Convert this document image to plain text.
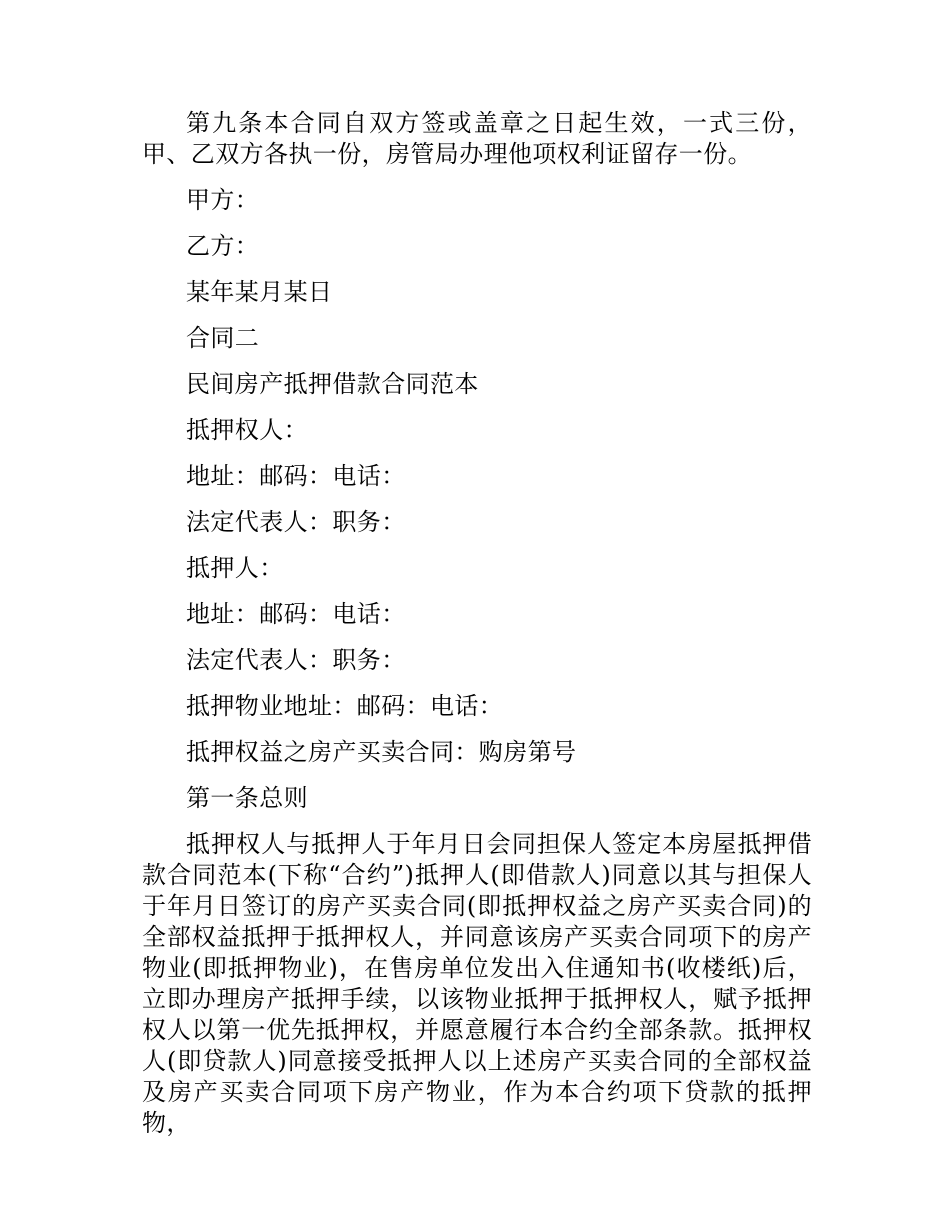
第九条本合同自双方签或盖章之日起生效，一式三份，甲、乙双方各执一份，房管局办理他项权利证留存一份。

甲方：

乙方：

某年某月某日

合同二

民间房产抵押借款合同范本

抵押权人：

地址：邮码：电话：

法定代表人：职务：

抵押人：

地址：邮码：电话：

法定代表人：职务：

抵押物业地址：邮码：电话：

抵押权益之房产买卖合同：购房第号

第一条总则

抵押权人与抵押人于年月日会同担保人签定本房屋抵押借款合同范本(下称“合约”)抵押人(即借款人)同意以其与担保人于年月日签订的房产买卖合同(即抵押权益之房产买卖合同)的全部权益抵押于抵押权人，并同意该房产买卖合同项下的房产物业(即抵押物业)，在售房单位发出入住通知书(收楼纸)后，立即办理房产抵押手续，以该物业抵押于抵押权人，赋予抵押权人以第一优先抵押权，并愿意履行本合约全部条款。抵押权人(即贷款人)同意接受抵押人以上述房产买卖合同的全部权益及房产买卖合同项下房产物业，作为本合约项下贷款的抵押物，
